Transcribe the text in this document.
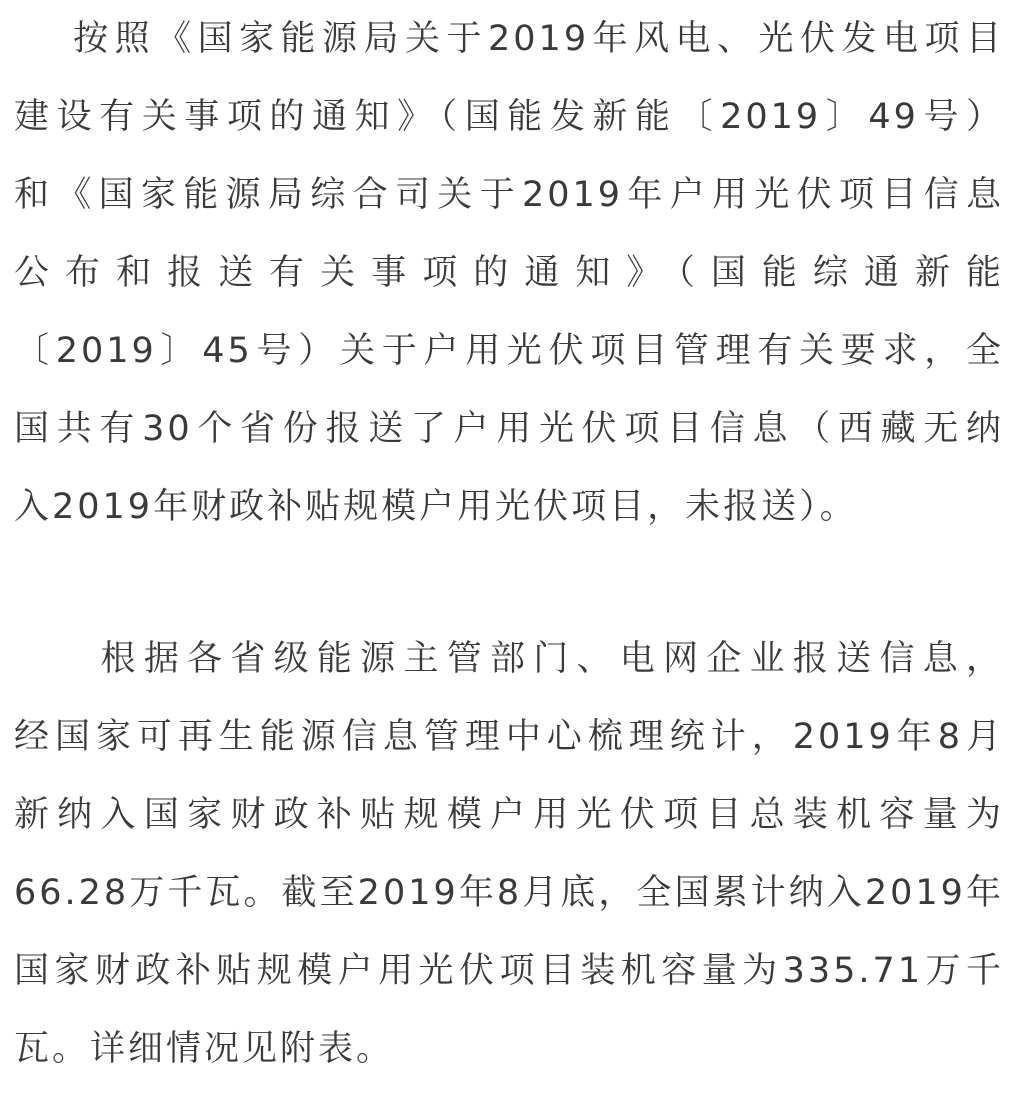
　 按照《国家能源局关于2019年风电、光伏发电项目
建设有关事项的通知》（国能发新能〔2019〕49号）
和《国家能源局综合司关于2019年户用光伏项目信息
公布和报送有关事项的通知》（国能综通新能
〔2019〕45号）关于户用光伏项目管理有关要求，全
国共有30个省份报送了户用光伏项目信息（西藏无纳
入2019年财政补贴规模户用光伏项目，未报送）。
　　根据各省级能源主管部门、电网企业报送信息，
经国家可再生能源信息管理中心梳理统计，2019年8月
新纳入国家财政补贴规模户用光伏项目总装机容量为
66.28万千瓦。截至2019年8月底，全国累计纳入2019年
国家财政补贴规模户用光伏项目装机容量为335.71万千
瓦。详细情况见附表。
